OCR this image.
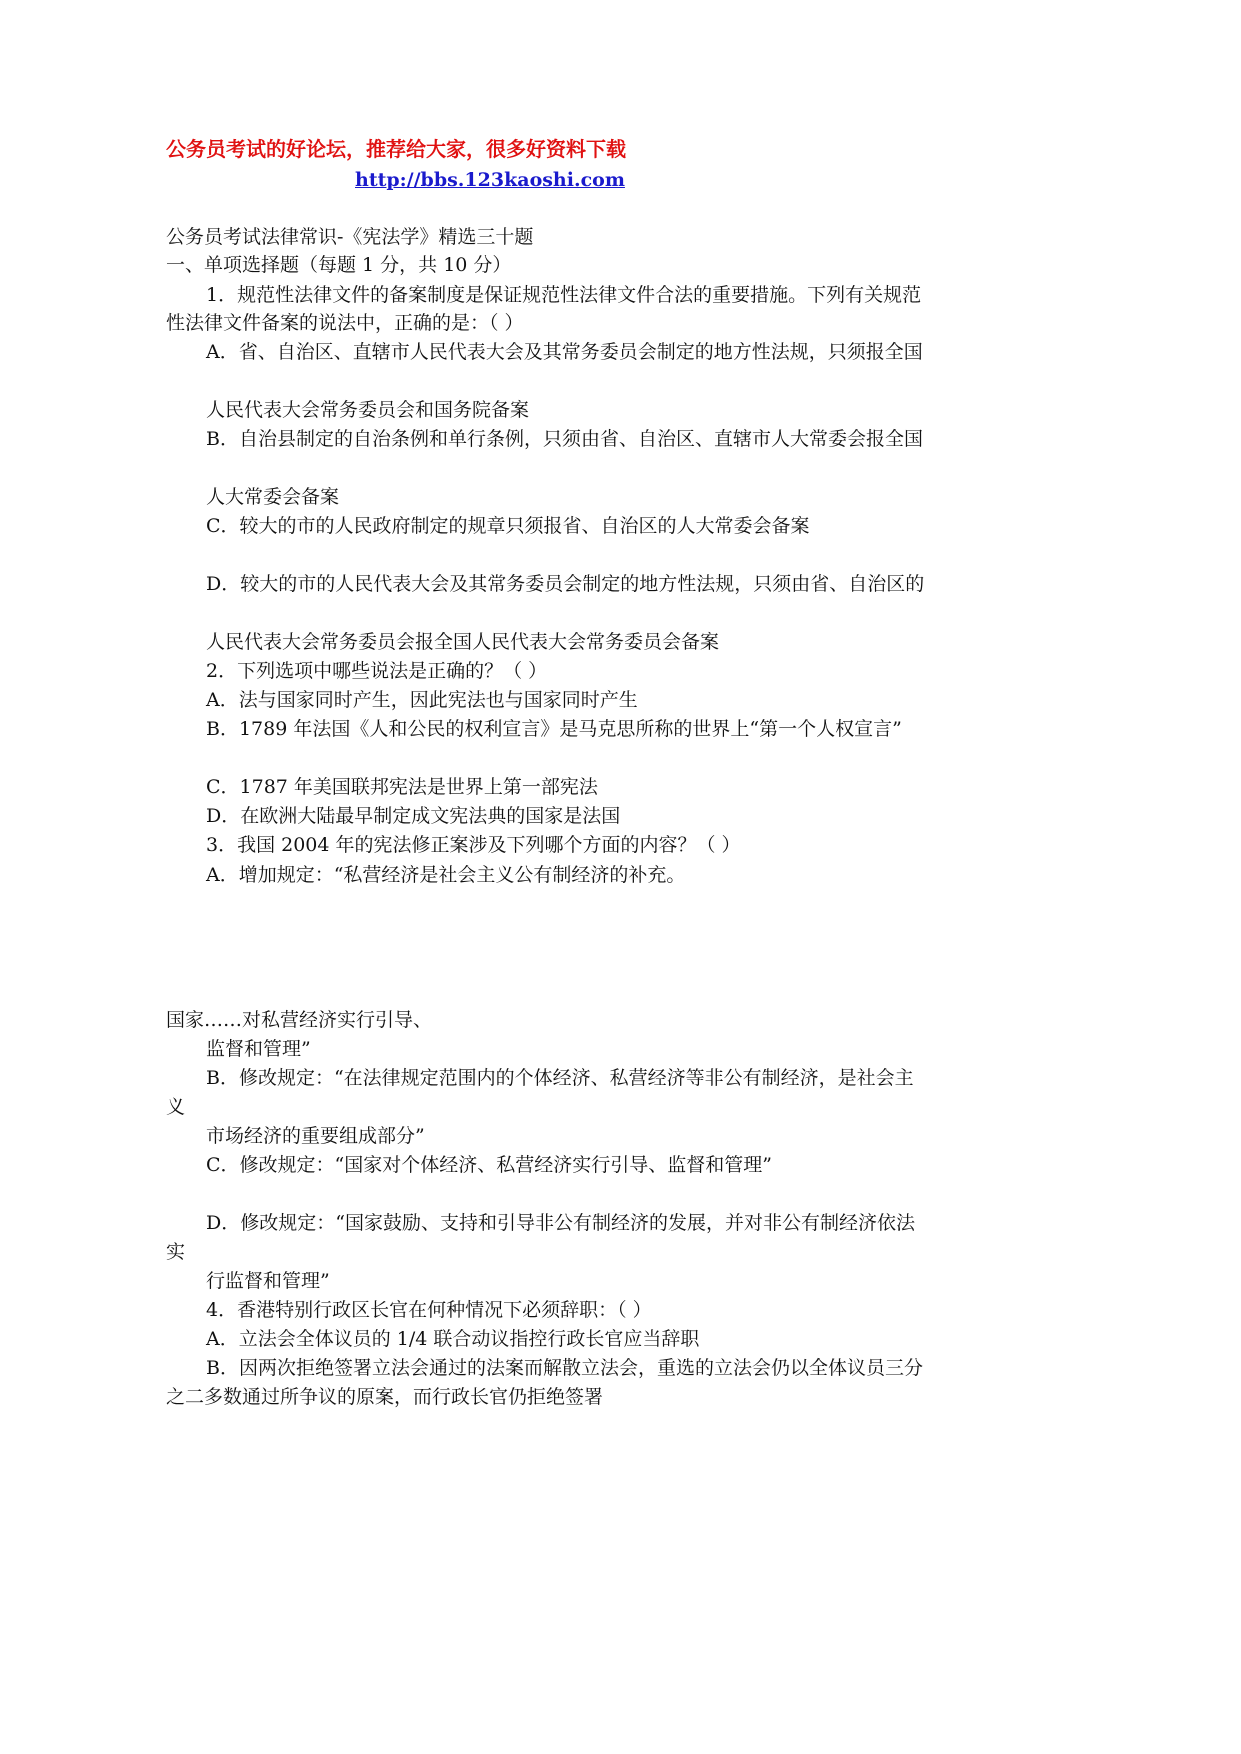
公务员考试的好论坛，推荐给大家，很多好资料下载
http://bbs.123kaoshi.com
公务员考试法律常识-《宪法学》精选三十题
一、单项选择题（每题 1 分，共 10 分）
1．规范性法律文件的备案制度是保证规范性法律文件合法的重要措施。下列有关规范
性法律文件备案的说法中，正确的是：（ ）
A．省、自治区、直辖市人民代表大会及其常务委员会制定的地方性法规，只须报全国
人民代表大会常务委员会和国务院备案
B．自治县制定的自治条例和单行条例，只须由省、自治区、直辖市人大常委会报全国
人大常委会备案
C．较大的市的人民政府制定的规章只须报省、自治区的人大常委会备案
D．较大的市的人民代表大会及其常务委员会制定的地方性法规，只须由省、自治区的
人民代表大会常务委员会报全国人民代表大会常务委员会备案
2．下列选项中哪些说法是正确的？（ ）
A．法与国家同时产生，因此宪法也与国家同时产生
B．1789 年法国《人和公民的权利宣言》是马克思所称的世界上“第一个人权宣言”
C．1787 年美国联邦宪法是世界上第一部宪法
D．在欧洲大陆最早制定成文宪法典的国家是法国
3．我国 2004 年的宪法修正案涉及下列哪个方面的内容？（ ）
A．增加规定：“私营经济是社会主义公有制经济的补充。
国家……对私营经济实行引导、
监督和管理”
B．修改规定：“在法律规定范围内的个体经济、私营经济等非公有制经济，是社会主
义
市场经济的重要组成部分”
C．修改规定：“国家对个体经济、私营经济实行引导、监督和管理”
D．修改规定：“国家鼓励、支持和引导非公有制经济的发展，并对非公有制经济依法
实
行监督和管理”
4．香港特别行政区长官在何种情况下必须辞职：（ ）
A．立法会全体议员的 1/4 联合动议指控行政长官应当辞职
B．因两次拒绝签署立法会通过的法案而解散立法会，重选的立法会仍以全体议员三分
之二多数通过所争议的原案，而行政长官仍拒绝签署
